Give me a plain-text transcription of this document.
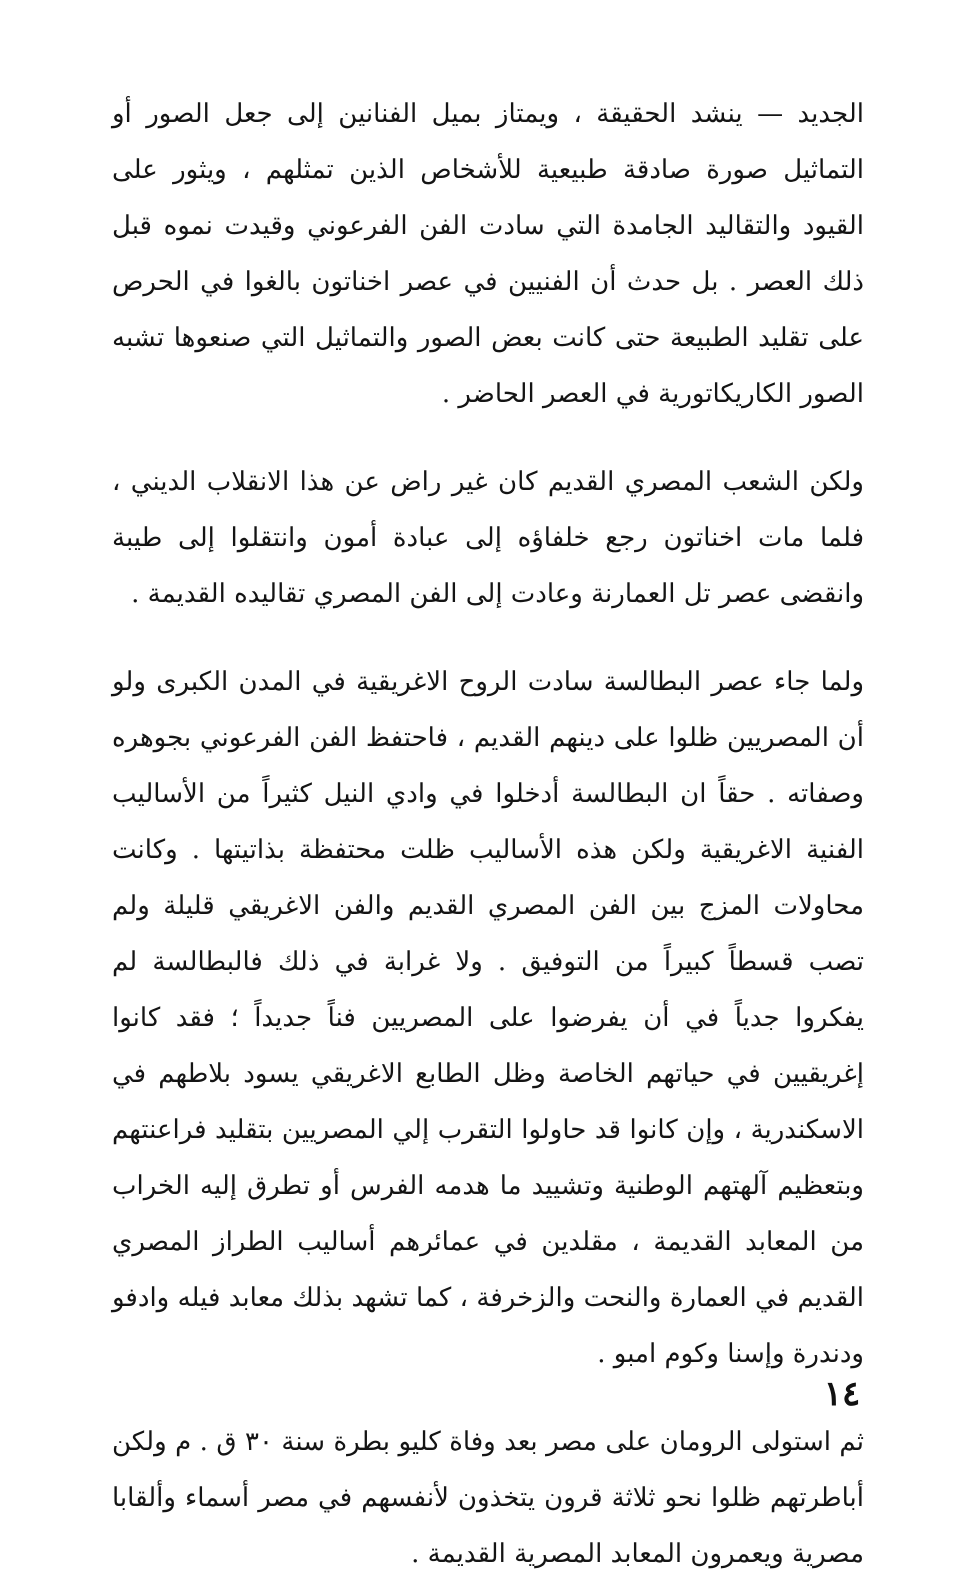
الجديد — ينشد الحقيقة ، ويمتاز بميل الفنانين إلى جعل الصور أو التماثيل صورة صادقة طبيعية للأشخاص الذين تمثلهم ، ويثور على القيود والتقاليد الجامدة التي سادت الفن الفرعوني وقيدت نموه قبل ذلك العصر . بل حدث أن الفنيين في عصر اخناتون بالغوا في الحرص على تقليد الطبيعة حتى كانت بعض الصور والتماثيل التي صنعوها تشبه الصور الكاريكاتورية في العصر الحاضر .

ولكن الشعب المصري القديم كان غير راض عن هذا الانقلاب الديني ، فلما مات اخناتون رجع خلفاؤه إلى عبادة أمون وانتقلوا إلى طيبة وانقضى عصر تل العمارنة وعادت إلى الفن المصري تقاليده القديمة .

ولما جاء عصر البطالسة سادت الروح الاغريقية في المدن الكبرى ولو أن المصريين ظلوا على دينهم القديم ، فاحتفظ الفن الفرعوني بجوهره وصفاته . حقاً ان البطالسة أدخلوا في وادي النيل كثيراً من الأساليب الفنية الاغريقية ولكن هذه الأساليب ظلت محتفظة بذاتيتها . وكانت محاولات المزج بين الفن المصري القديم والفن الاغريقي قليلة ولم تصب قسطاً كبيراً من التوفيق . ولا غرابة في ذلك فالبطالسة لم يفكروا جدياً في أن يفرضوا على المصريين فناً جديداً ؛ فقد كانوا إغريقيين في حياتهم الخاصة وظل الطابع الاغريقي يسود بلاطهم في الاسكندرية ، وإن كانوا قد حاولوا التقرب إلي المصريين بتقليد فراعنتهم وبتعظيم آلهتهم الوطنية وتشييد ما هدمه الفرس أو تطرق إليه الخراب من المعابد القديمة ، مقلدين في عمائرهم أساليب الطراز المصري القديم في العمارة والنحت والزخرفة ، كما تشهد بذلك معابد فيله وادفو ودندرة وإسنا وكوم امبو .

ثم استولى الرومان على مصر بعد وفاة كليو بطرة سنة ٣٠ ق . م ولكن أباطرتهم ظلوا نحو ثلاثة قرون يتخذون لأنفسهم في مصر أسماء وألقابا مصرية ويعمرون المعابد المصرية القديمة .

١٤
